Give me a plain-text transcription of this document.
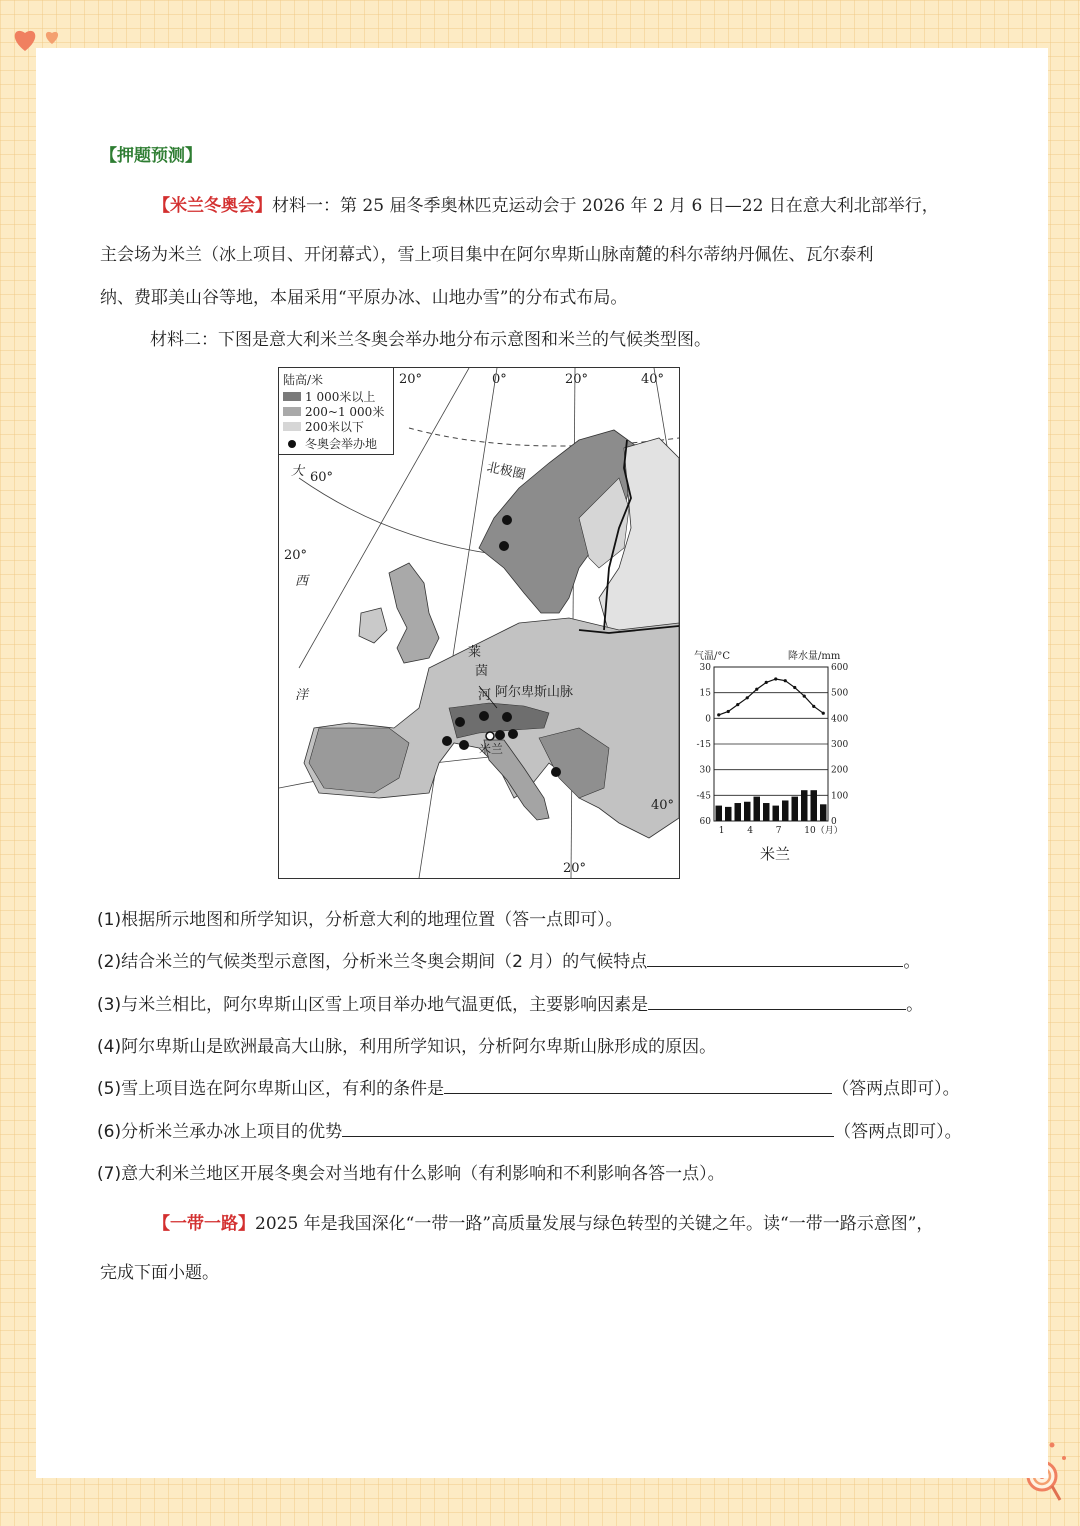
【押题预测】
【米兰冬奥会】材料一：第 25 届冬季奥林匹克运动会于 2026 年 2 月 6 日—22 日在意大利北部举行，
主会场为米兰（冰上项目、开闭幕式），雪上项目集中在阿尔卑斯山脉南麓的科尔蒂纳丹佩佐、瓦尔泰利
纳、费耶美山谷等地，本届采用“平原办冰、山地办雪”的分布式布局。
材料二：下图是意大利米兰冬奥会举办地分布示意图和米兰的气候类型图。
陆高/米
1 000米以上
200~1 000米
200米以下
冬奥会举办地
20°	0°	20°	40°
40°
20°
60°
20°
北极圈
大
西
洋
莱
茵
河 阿尔卑斯山脉
米兰
气温/°C	降水量/mm
30	600
15	500
0	400
-15	300
30	200
-45	100
60	0
1	4	7	10（月）
米兰
(1)根据所示地图和所学知识，分析意大利的地理位置（答一点即可）。
(2)结合米兰的气候类型示意图，分析米兰冬奥会期间（2 月）的气候特点	。
(3)与米兰相比，阿尔卑斯山区雪上项目举办地气温更低，主要影响因素是	。
(4)阿尔卑斯山是欧洲最高大山脉，利用所学知识，分析阿尔卑斯山脉形成的原因。
(5)雪上项目选在阿尔卑斯山区，有利的条件是	（答两点即可）。
(6)分析米兰承办冰上项目的优势	（答两点即可）。
(7)意大利米兰地区开展冬奥会对当地有什么影响（有利影响和不利影响各答一点）。
【一带一路】2025 年是我国深化“一带一路”高质量发展与绿色转型的关键之年。读“一带一路示意图”，
完成下面小题。
